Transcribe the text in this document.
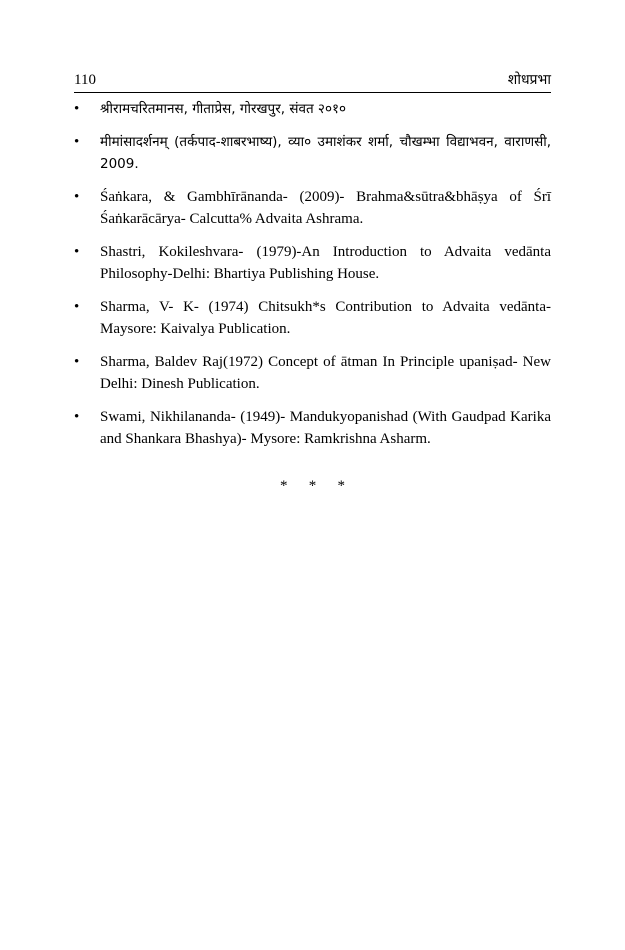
110	शोधप्रभा
•	श्रीरामचरितमानस, गीताप्रेस, गोरखपुर, संवत २०१०
•	मीमांसादर्शनम् (तर्कपाद-शाबरभाष्य), व्या० उमाशंकर शर्मा, चौखम्भा विद्याभवन, वाराणसी, 2009.
•	Śaṅkara, & Gambhīrānanda- (2009)- Brahma&sūtra&bhāṣya of Śrī Śaṅkarācārya- Calcutta% Advaita Ashrama.
•	Shastri, Kokileshvara- (1979)-An Introduction to Advaita vedānta Philosophy-Delhi: Bhartiya Publishing House.
•	Sharma, V- K- (1974) Chitsukh*s Contribution to Advaita vedānta- Maysore: Kaivalya Publication.
•	Sharma, Baldev Raj(1972) Concept of ātman In Principle upaniṣad- New Delhi: Dinesh Publication.
•	Swami, Nikhilananda- (1949)- Mandukyopanishad (With Gaudpad Karika and Shankara Bhashya)- Mysore: Ramkrishna Asharm.
* * *
